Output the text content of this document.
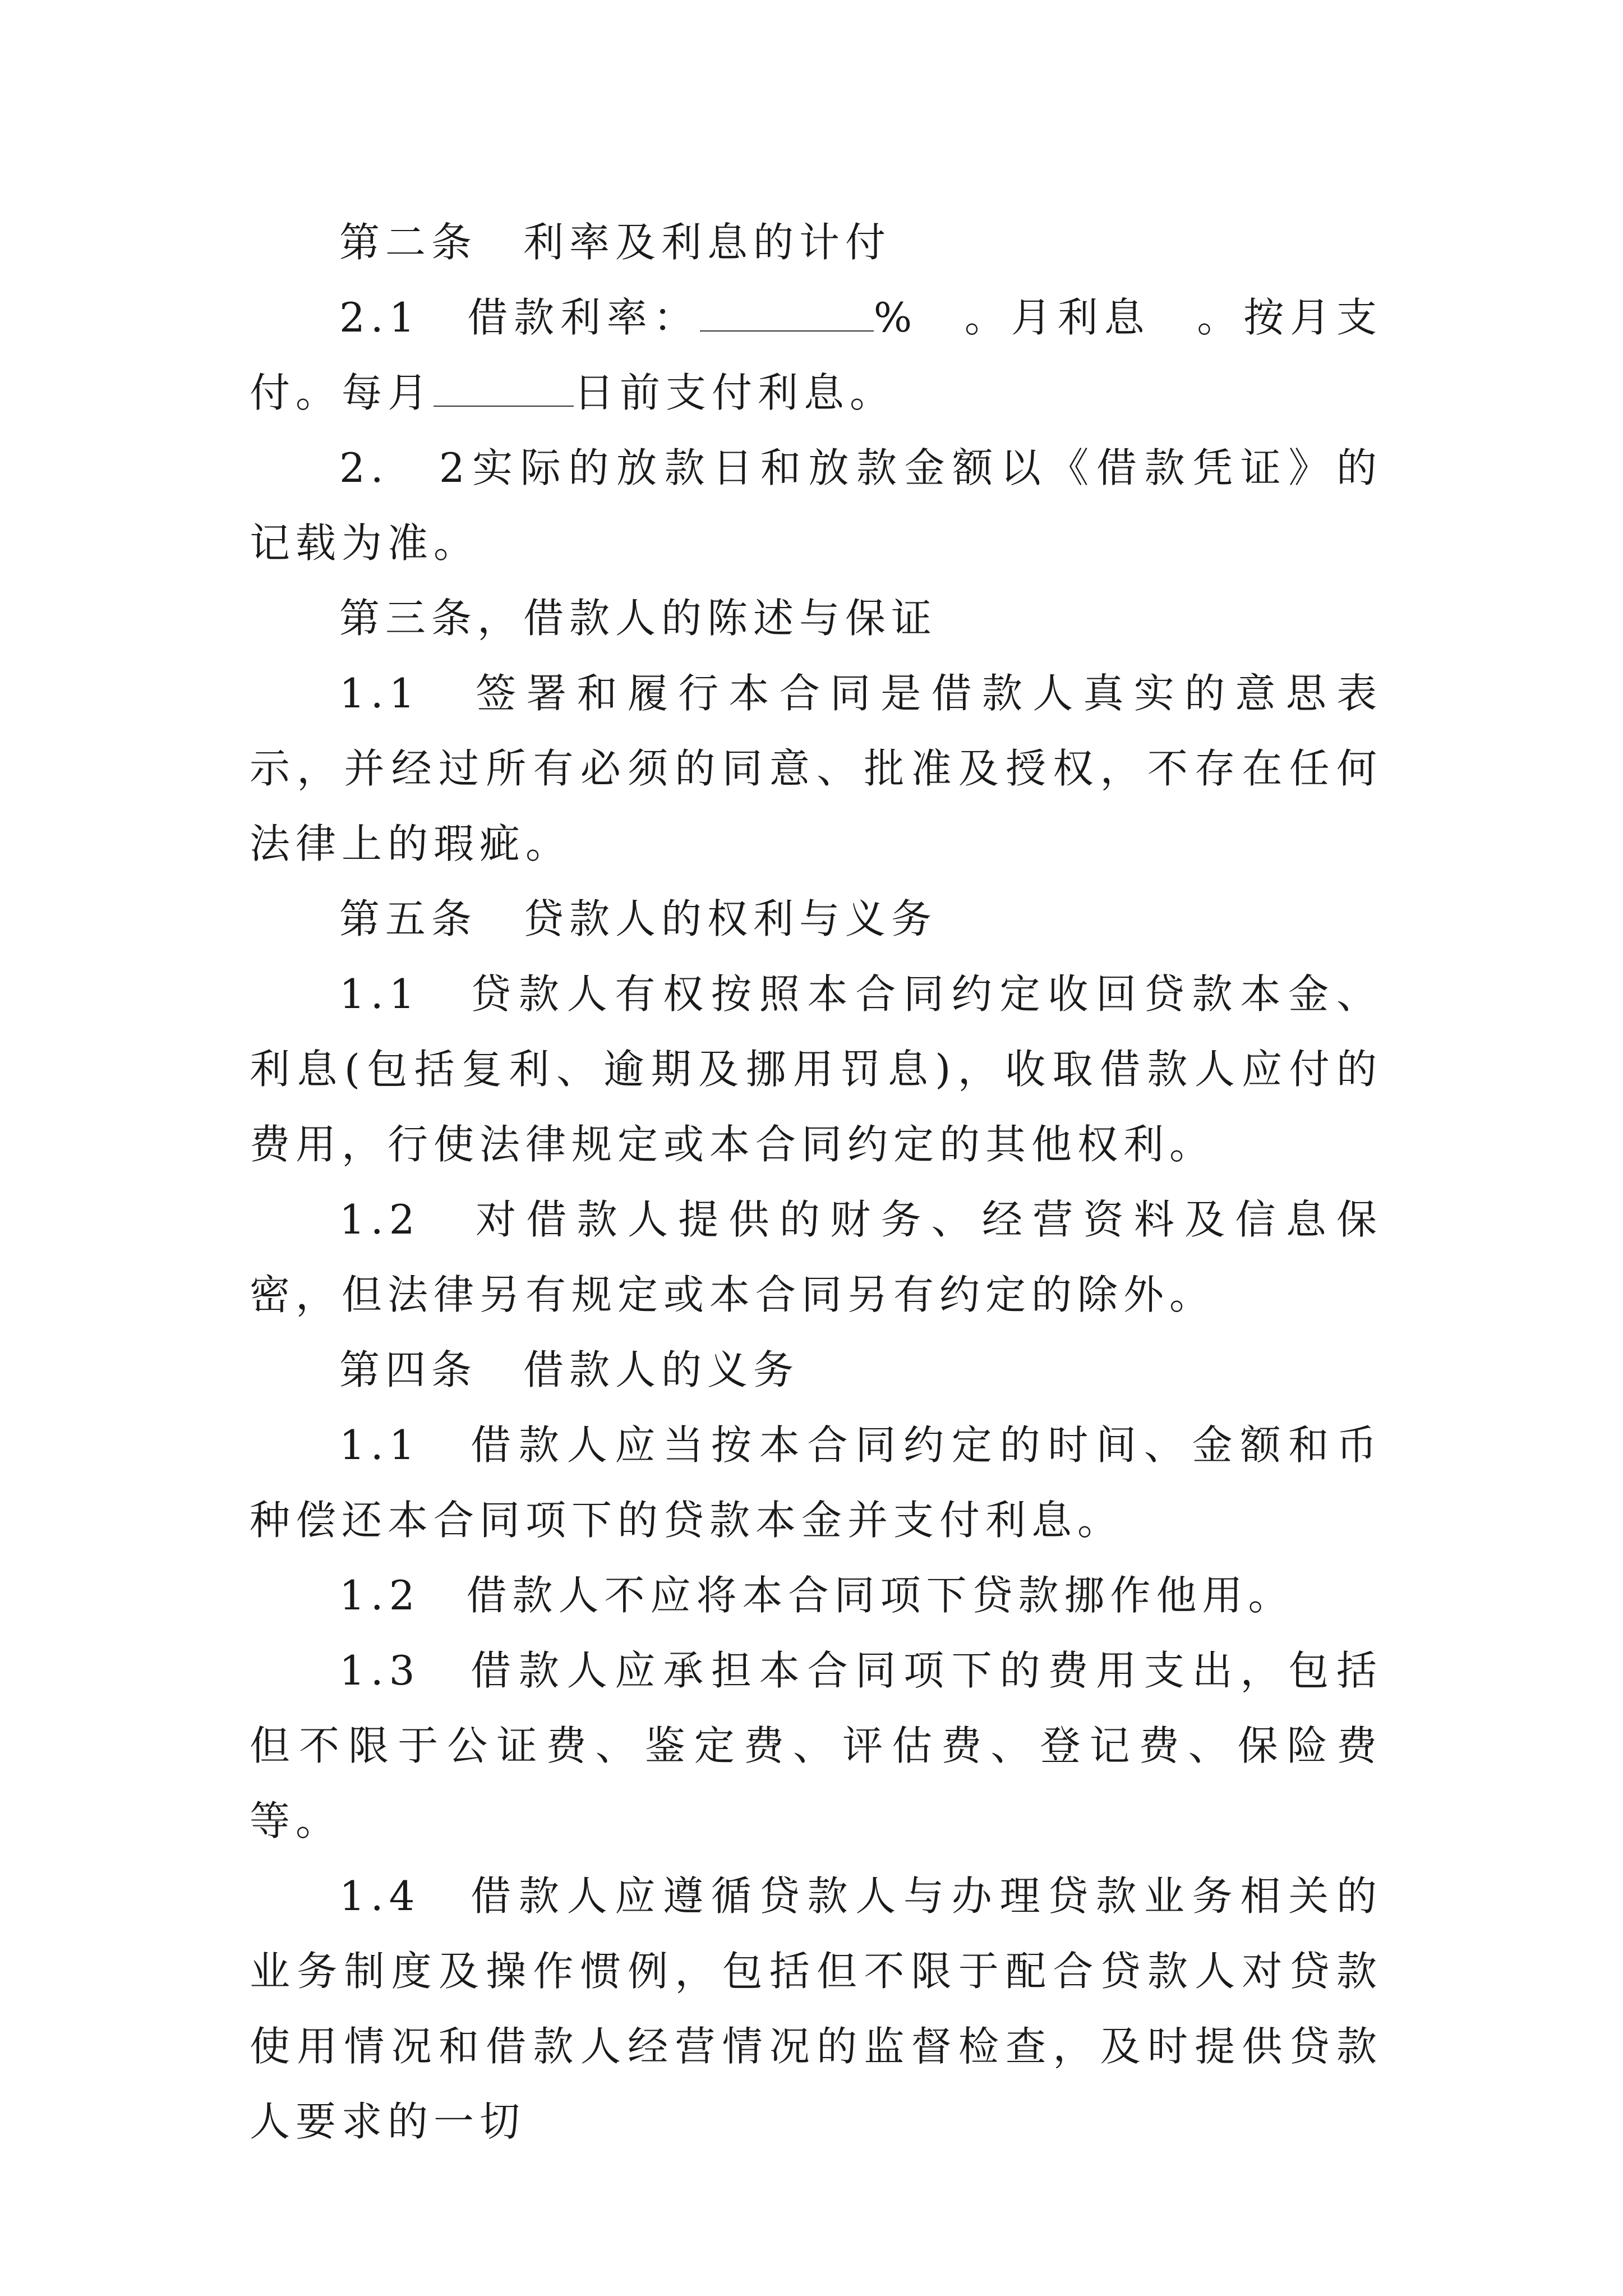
第二条　利率及利息的计付

2.1　借款利率：	%　。月利息　。按月支付。每月	日前支付利息。

2.　2实际的放款日和放款金额以《借款凭证》的记载为准。

第三条，借款人的陈述与保证

1.1　签署和履行本合同是借款人真实的意思表示，并经过所有必须的同意、批准及授权，不存在任何法律上的瑕疵。

第五条　贷款人的权利与义务

1.1　贷款人有权按照本合同约定收回贷款本金、利息(包括复利、逾期及挪用罚息)，收取借款人应付的费用，行使法律规定或本合同约定的其他权利。

1.2　对借款人提供的财务、经营资料及信息保密，但法律另有规定或本合同另有约定的除外。

第四条　借款人的义务

1.1　借款人应当按本合同约定的时间、金额和币种偿还本合同项下的贷款本金并支付利息。

1.2　借款人不应将本合同项下贷款挪作他用。

1.3　借款人应承担本合同项下的费用支出，包括但不限于公证费、鉴定费、评估费、登记费、保险费等。

1.4　借款人应遵循贷款人与办理贷款业务相关的业务制度及操作惯例，包括但不限于配合贷款人对贷款使用情况和借款人经营情况的监督检查，及时提供贷款人要求的一切
